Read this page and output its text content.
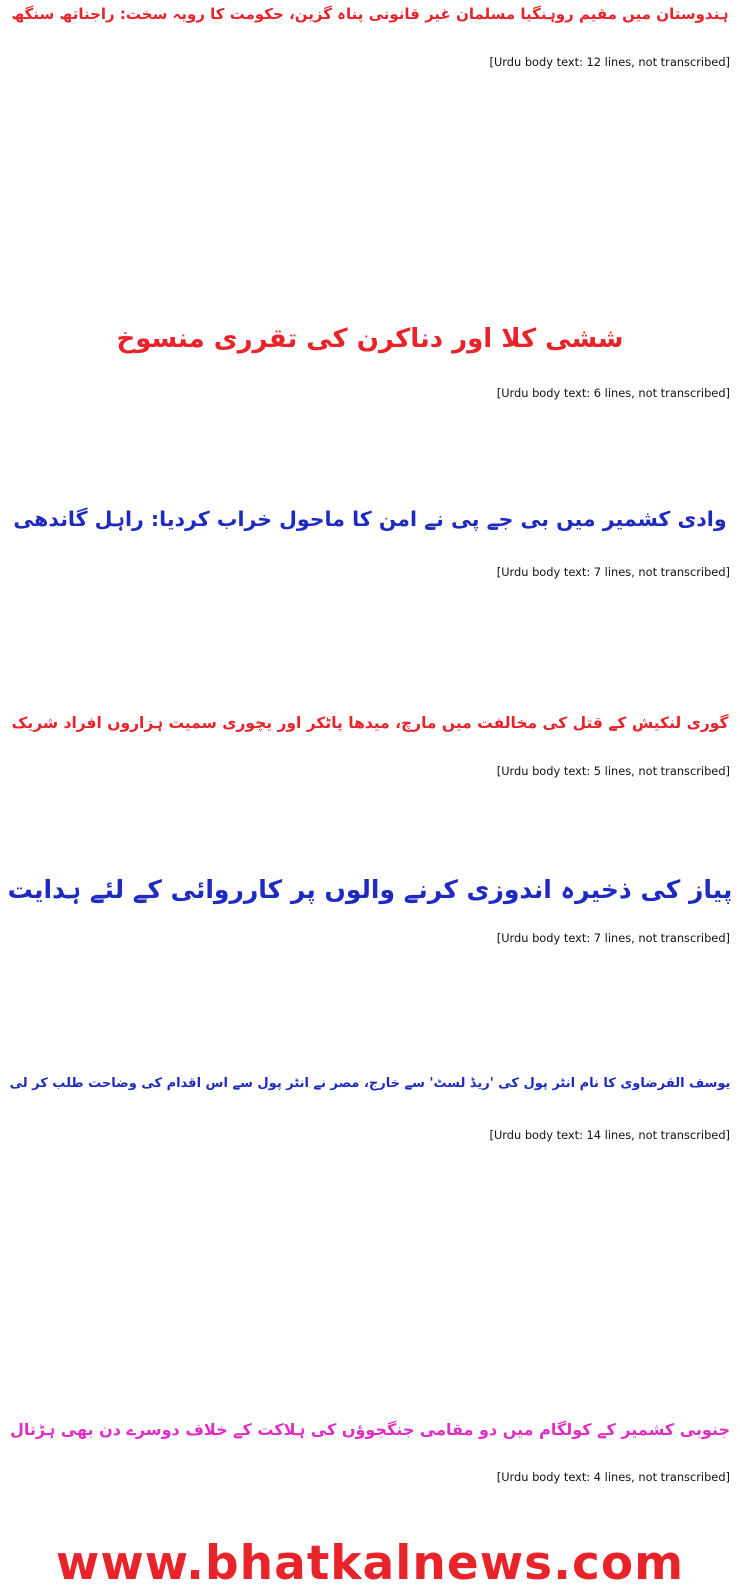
ہندوستان میں مقیم روہنگیا مسلمان غیر قانونی پناہ گزین، حکومت کا رویہ سخت: راجناتھ سنگھ

[Urdu body text: 12 lines, not transcribed]

ششی کلا اور دناکرن کی تقرری منسوخ

[Urdu body text: 6 lines, not transcribed]

وادی کشمیر میں بی جے پی نے امن کا ماحول خراب کردیا: راہل گاندھی

[Urdu body text: 7 lines, not transcribed]

گوری لنکیش کے قتل کی مخالفت میں مارچ، میدھا پاٹکر اور یچوری سمیت ہزاروں افراد شریک

[Urdu body text: 5 lines, not transcribed]

پیاز کی ذخیرہ اندوزی کرنے والوں پر کارروائی کے لئے ہدایت

[Urdu body text: 7 lines, not transcribed]

یوسف القرضاوی کا نام انٹر پول کی 'ریڈ لسٹ' سے خارج، مصر نے انٹر پول سے اس اقدام کی وضاحت طلب کر لی

[Urdu body text: 14 lines, not transcribed]

جنوبی کشمیر کے کولگام میں دو مقامی جنگجوؤں کی ہلاکت کے خلاف دوسرے دن بھی ہڑتال

[Urdu body text: 4 lines, not transcribed]

www.bhatkalnews.com
